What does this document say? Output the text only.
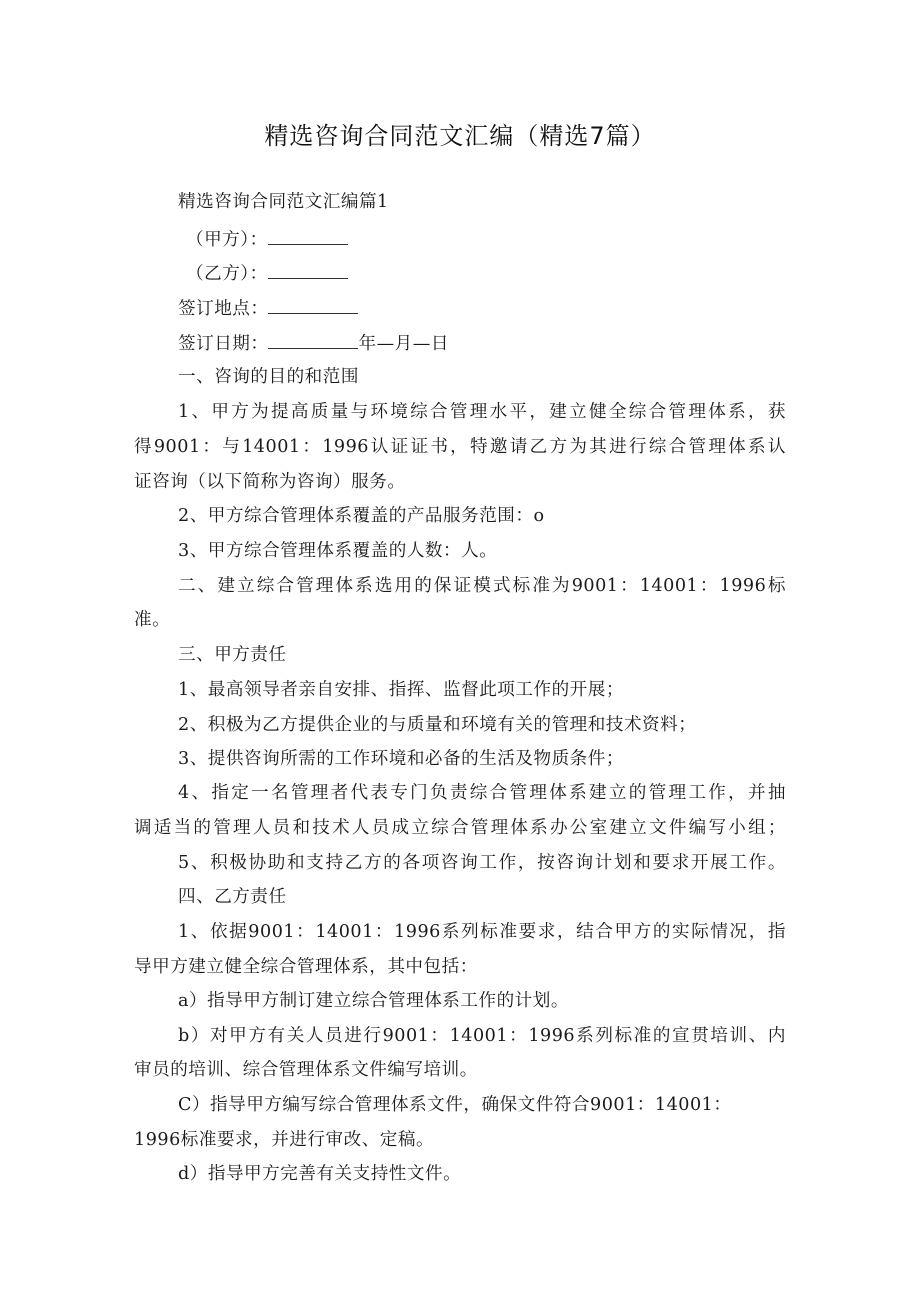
精选咨询合同范文汇编（精选7篇）
精选咨询合同范文汇编篇1
（甲方）：
（乙方）：
签订地点：
签订日期：	年—月—日
一、咨询的目的和范围
1、甲方为提高质量与环境综合管理水平，建立健全综合管理体系，获
得9001：与14001：1996认证证书，特邀请乙方为其进行综合管理体系认
证咨询（以下简称为咨询）服务。
2、甲方综合管理体系覆盖的产品服务范围：o
3、甲方综合管理体系覆盖的人数：人。
二、建立综合管理体系选用的保证模式标准为9001：14001：1996标
准。
三、甲方责任
1、最高领导者亲自安排、指挥、监督此项工作的开展；
2、积极为乙方提供企业的与质量和环境有关的管理和技术资料；
3、提供咨询所需的工作环境和必备的生活及物质条件；
4、指定一名管理者代表专门负责综合管理体系建立的管理工作，并抽
调适当的管理人员和技术人员成立综合管理体系办公室建立文件编写小组；
5、积极协助和支持乙方的各项咨询工作，按咨询计划和要求开展工作。
四、乙方责任
1、依据9001：14001：1996系列标准要求，结合甲方的实际情况，指
导甲方建立健全综合管理体系，其中包括：
a）指导甲方制订建立综合管理体系工作的计划。
b）对甲方有关人员进行9001：14001：1996系列标准的宣贯培训、内
审员的培训、综合管理体系文件编写培训。
C）指导甲方编写综合管理体系文件，确保文件符合9001：14001：
1996标准要求，并进行审改、定稿。
d）指导甲方完善有关支持性文件。
